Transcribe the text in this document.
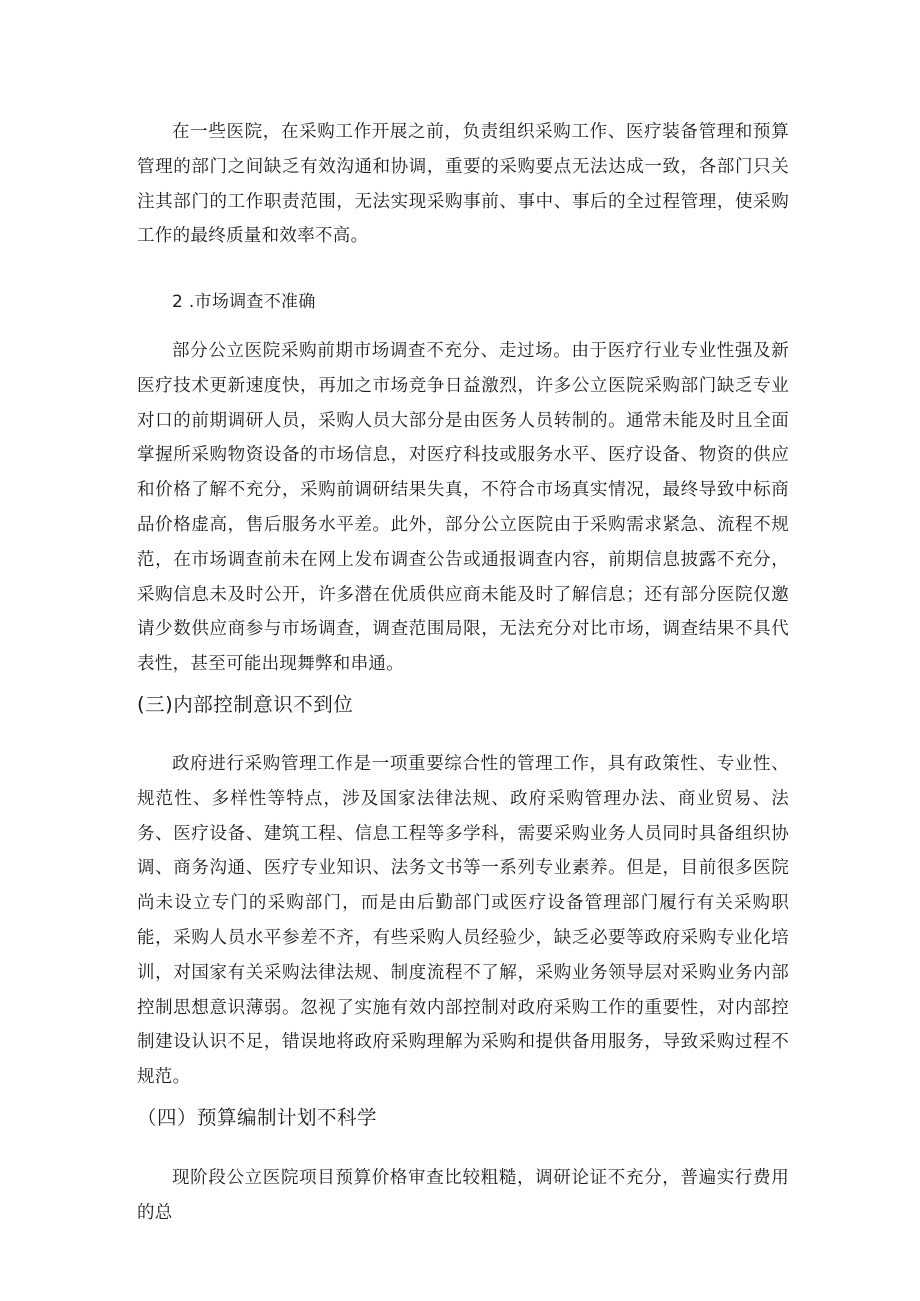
在一些医院，在采购工作开展之前，负责组织采购工作、医疗装备管理和预算管理的部门之间缺乏有效沟通和协调，重要的采购要点无法达成一致，各部门只关注其部门的工作职责范围，无法实现采购事前、事中、事后的全过程管理，使采购工作的最终质量和效率不高。

2 .市场调查不准确

部分公立医院采购前期市场调查不充分、走过场。由于医疗行业专业性强及新医疗技术更新速度快，再加之市场竞争日益激烈，许多公立医院采购部门缺乏专业对口的前期调研人员，采购人员大部分是由医务人员转制的。通常未能及时且全面掌握所采购物资设备的市场信息，对医疗科技或服务水平、医疗设备、物资的供应和价格了解不充分，采购前调研结果失真，不符合市场真实情况，最终导致中标商品价格虚高，售后服务水平差。此外，部分公立医院由于采购需求紧急、流程不规范，在市场调查前未在网上发布调查公告或通报调查内容，前期信息披露不充分，采购信息未及时公开，许多潜在优质供应商未能及时了解信息；还有部分医院仅邀请少数供应商参与市场调查，调查范围局限，无法充分对比市场，调查结果不具代表性，甚至可能出现舞弊和串通。

(三)内部控制意识不到位

政府进行采购管理工作是一项重要综合性的管理工作，具有政策性、专业性、规范性、多样性等特点，涉及国家法律法规、政府采购管理办法、商业贸易、法务、医疗设备、建筑工程、信息工程等多学科，需要采购业务人员同时具备组织协调、商务沟通、医疗专业知识、法务文书等一系列专业素养。但是，目前很多医院尚未设立专门的采购部门，而是由后勤部门或医疗设备管理部门履行有关采购职能，采购人员水平参差不齐，有些采购人员经验少，缺乏必要等政府采购专业化培训，对国家有关采购法律法规、制度流程不了解，采购业务领导层对采购业务内部控制思想意识薄弱。忽视了实施有效内部控制对政府采购工作的重要性，对内部控制建设认识不足，错误地将政府采购理解为采购和提供备用服务，导致采购过程不规范。

（四）预算编制计划不科学

现阶段公立医院项目预算价格审查比较粗糙，调研论证不充分，普遍实行费用的总
